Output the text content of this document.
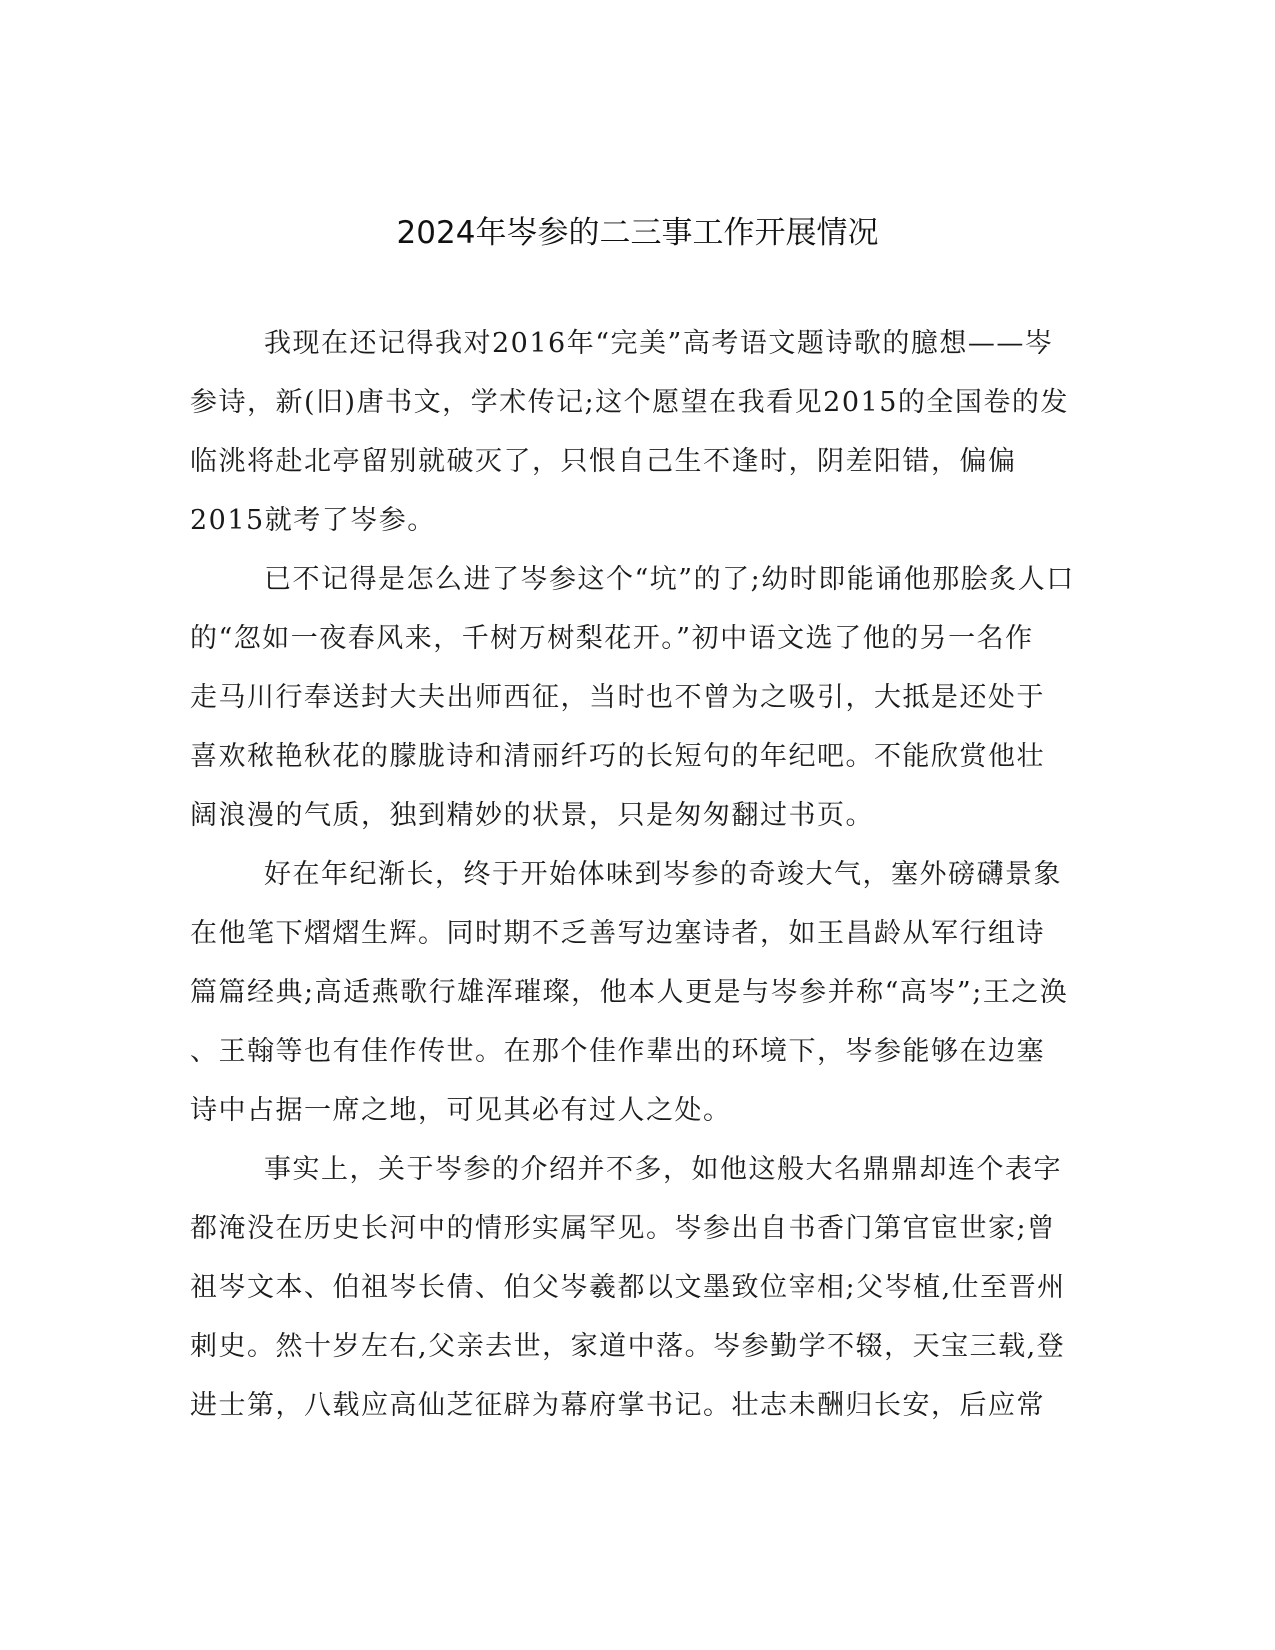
2024年岑参的二三事工作开展情况
我现在还记得我对2016年“完美”高考语文题诗歌的臆想——岑
参诗，新(旧)唐书文，学术传记;这个愿望在我看见2015的全国卷的发
临洮将赴北亭留别就破灭了，只恨自己生不逢时，阴差阳错，偏偏
2015就考了岑参。
已不记得是怎么进了岑参这个“坑”的了;幼时即能诵他那脍炙人口
的“忽如一夜春风来，千树万树梨花开。”初中语文选了他的另一名作
走马川行奉送封大夫出师西征，当时也不曾为之吸引，大抵是还处于
喜欢秾艳秋花的朦胧诗和清丽纤巧的长短句的年纪吧。不能欣赏他壮
阔浪漫的气质，独到精妙的状景，只是匆匆翻过书页。
好在年纪渐长，终于开始体味到岑参的奇竣大气，塞外磅礴景象
在他笔下熠熠生辉。同时期不乏善写边塞诗者，如王昌龄从军行组诗
篇篇经典;高适燕歌行雄浑璀璨，他本人更是与岑参并称“高岑”;王之涣
、王翰等也有佳作传世。在那个佳作辈出的环境下，岑参能够在边塞
诗中占据一席之地，可见其必有过人之处。
事实上，关于岑参的介绍并不多，如他这般大名鼎鼎却连个表字
都淹没在历史长河中的情形实属罕见。岑参出自书香门第官宦世家;曾
祖岑文本、伯祖岑长倩、伯父岑羲都以文墨致位宰相;父岑植,仕至晋州
刺史。然十岁左右,父亲去世，家道中落。岑参勤学不辍，天宝三载,登
进士第，八载应高仙芝征辟为幕府掌书记。壮志未酬归长安，后应常
